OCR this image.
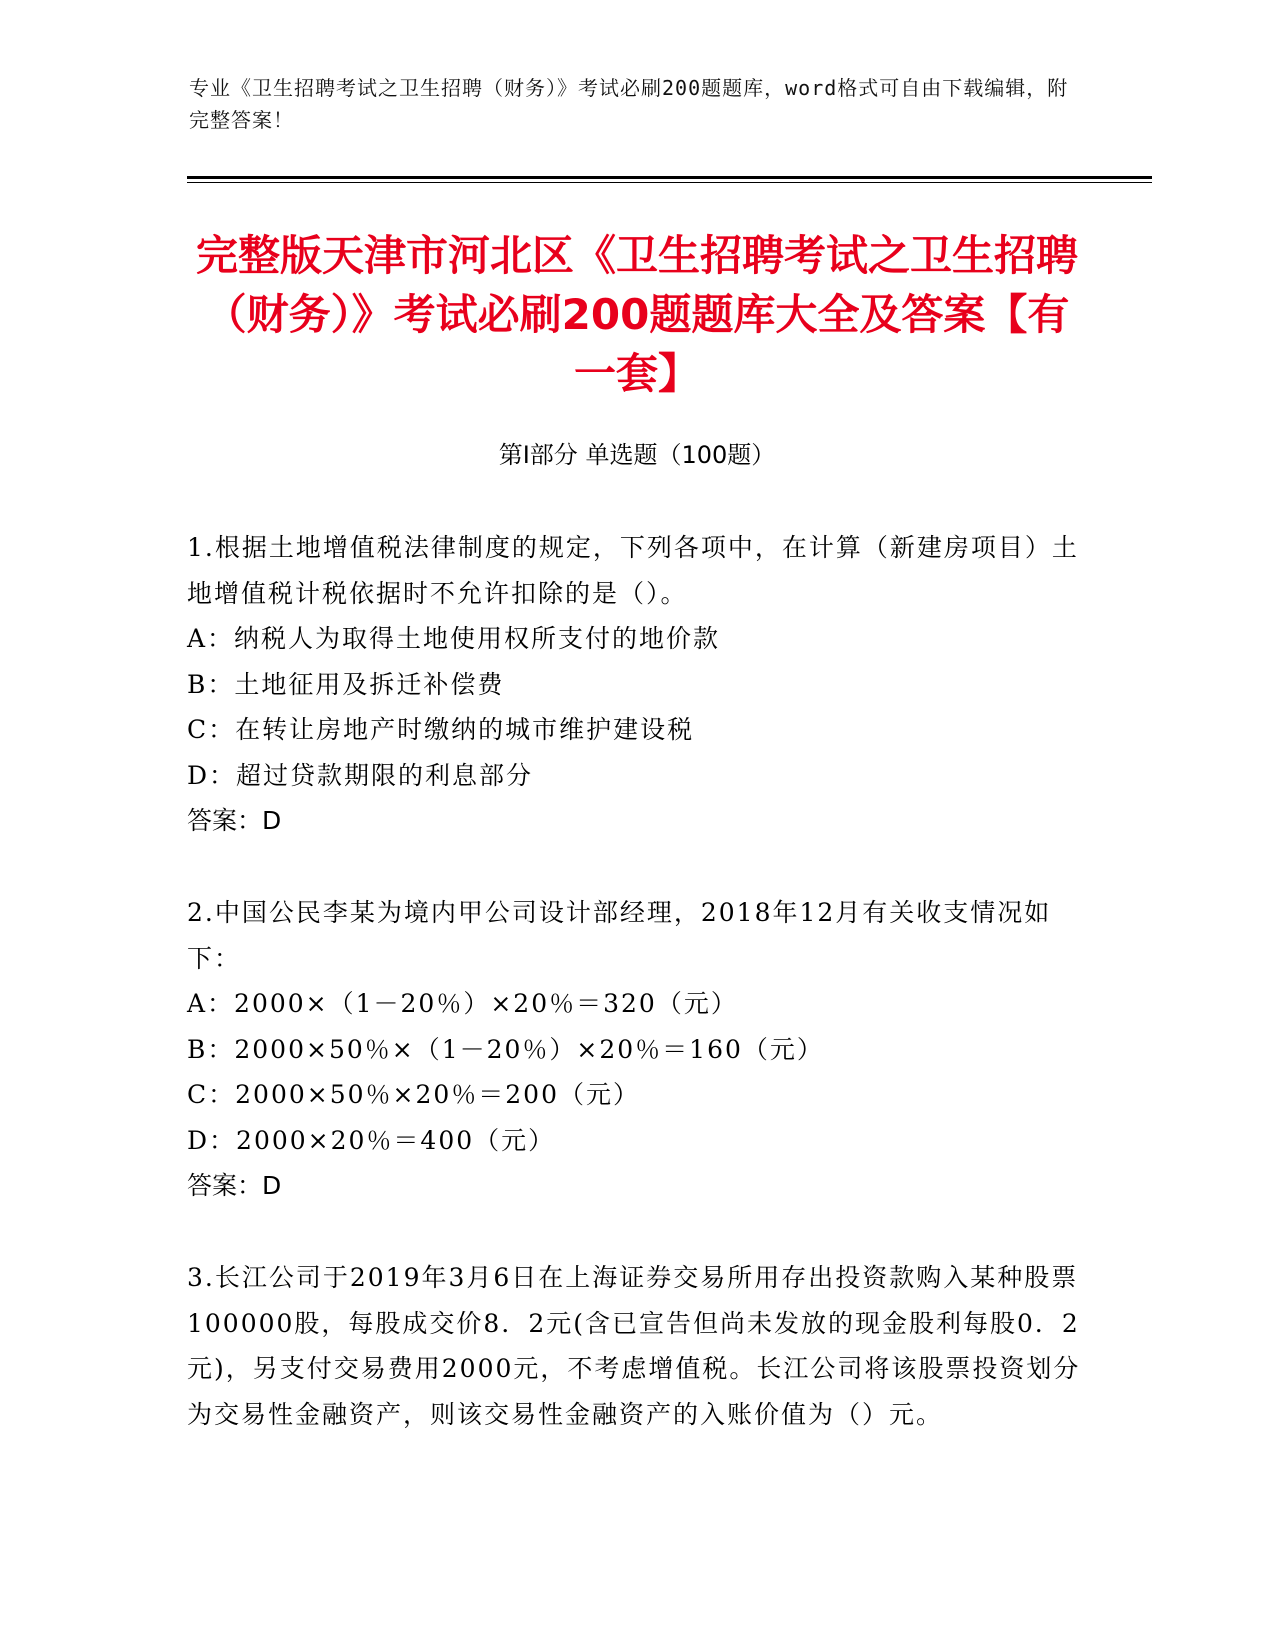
专业《卫生招聘考试之卫生招聘（财务）》考试必刷200题题库，word格式可自由下载编辑，附完整答案！
完整版天津市河北区《卫生招聘考试之卫生招聘（财务）》考试必刷200题题库大全及答案【有一套】
第I部分 单选题（100题）

1.根据土地增值税法律制度的规定，下列各项中，在计算（新建房项目）土地增值税计税依据时不允许扣除的是（）。

A：纳税人为取得土地使用权所支付的地价款

B：土地征用及拆迁补偿费

C：在转让房地产时缴纳的城市维护建设税

D：超过贷款期限的利息部分

答案：D

2.中国公民李某为境内甲公司设计部经理，2018年12月有关收支情况如下：

A：2000×（1－20％）×20％＝320（元）

B：2000×50％×（1－20％）×20％＝160（元）

C：2000×50％×20％＝200（元）

D：2000×20％＝400（元）

答案：D

3.长江公司于2019年3月6日在上海证券交易所用存出投资款购入某种股票100000股，每股成交价8．2元(含已宣告但尚未发放的现金股利每股0．2元)，另支付交易费用2000元，不考虑增值税。长江公司将该股票投资划分为交易性金融资产，则该交易性金融资产的入账价值为（）元。
